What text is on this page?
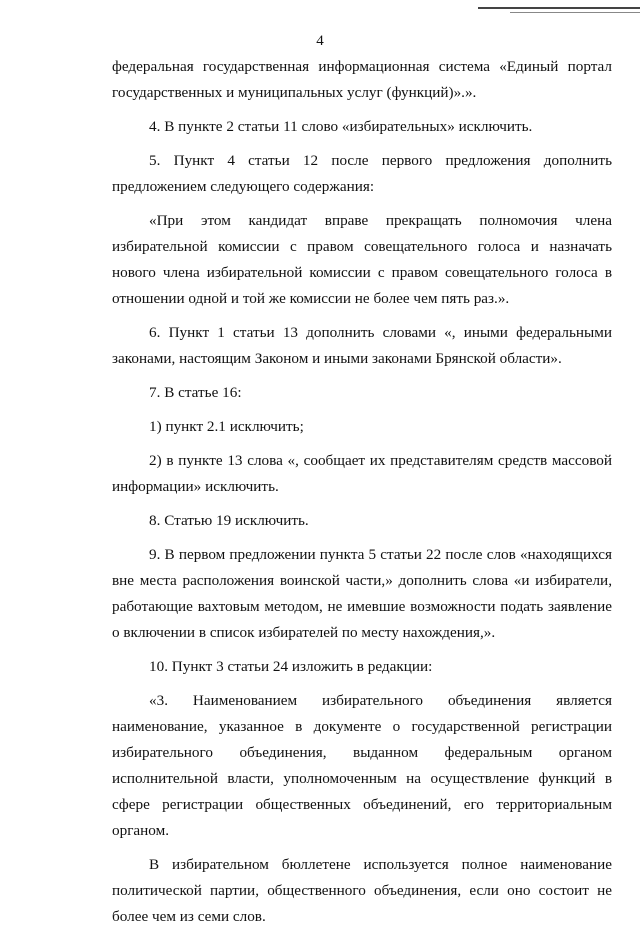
4

федеральная государственная информационная система «Единый портал государственных и муниципальных услуг (функций)».».

4. В пункте 2 статьи 11 слово «избирательных» исключить.

5. Пункт 4 статьи 12 после первого предложения дополнить предложением следующего содержания:

«При этом кандидат вправе прекращать полномочия члена избирательной комиссии с правом совещательного голоса и назначать нового члена избирательной комиссии с правом совещательного голоса в отношении одной и той же комиссии не более чем пять раз.».

6. Пункт 1 статьи 13 дополнить словами «, иными федеральными законами, настоящим Законом и иными законами Брянской области».

7. В статье 16:

1) пункт 2.1 исключить;

2) в пункте 13 слова «, сообщает их представителям средств массовой информации» исключить.

8. Статью 19 исключить.

9. В первом предложении пункта 5 статьи 22 после слов «находящихся вне места расположения воинской части,» дополнить слова «и избиратели, работающие вахтовым методом, не имевшие возможности подать заявление о включении в список избирателей по месту нахождения,».

10. Пункт 3 статьи 24 изложить в редакции:

«3. Наименованием избирательного объединения является наименование, указанное в документе о государственной регистрации избирательного объединения, выданном федеральным органом исполнительной власти, уполномоченным на осуществление функций в сфере регистрации общественных объединений, его территориальным органом.

В избирательном бюллетене используется полное наименование политической партии, общественного объединения, если оно состоит не более чем из семи слов.
